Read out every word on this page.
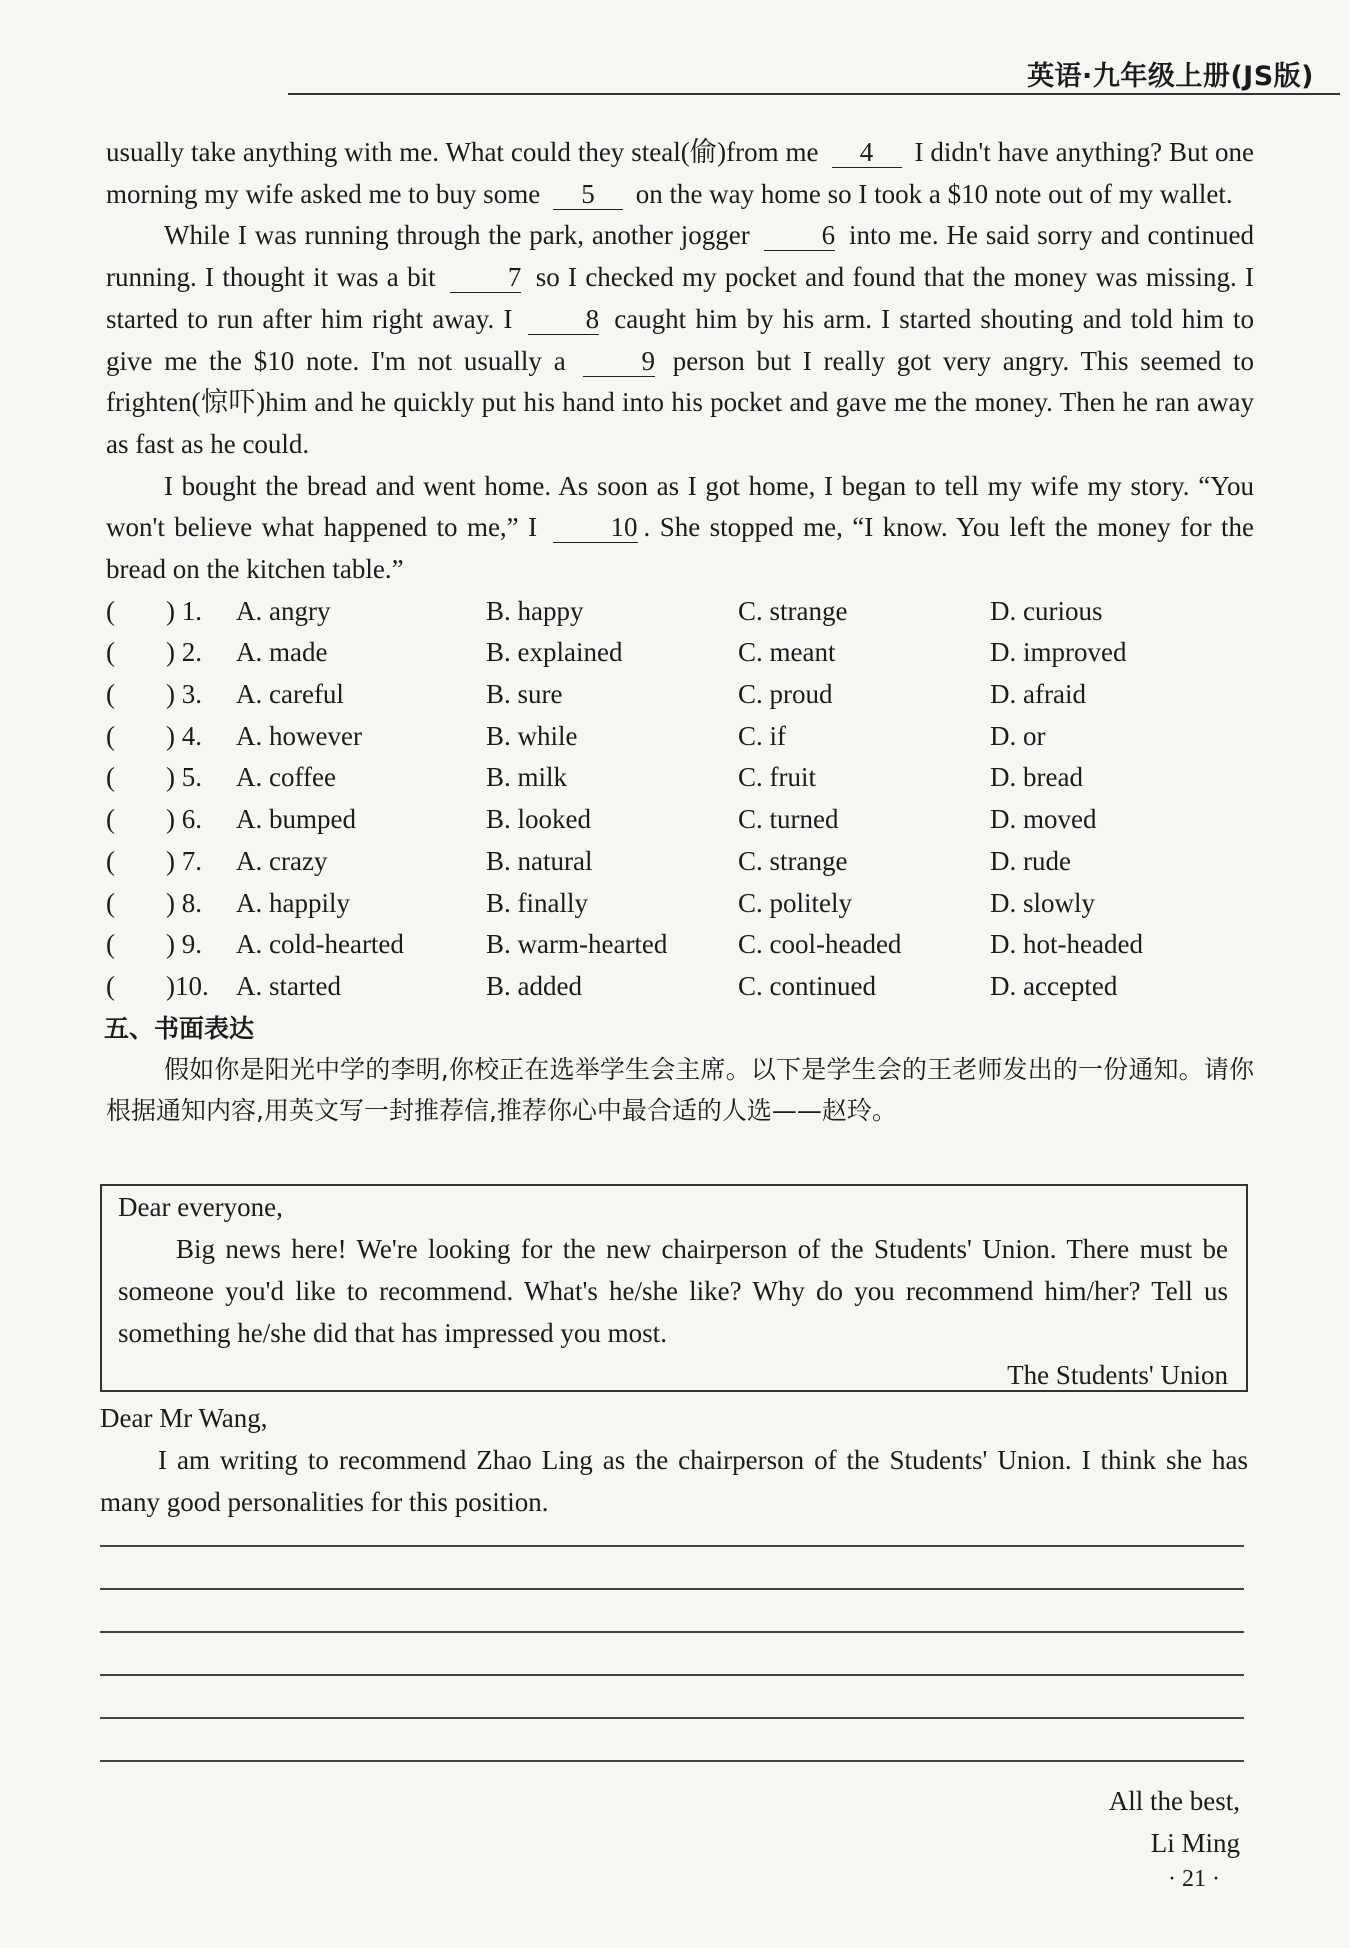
英语·九年级上册(JS版)

usually take anything with me. What could they steal(偷)from me 4 I didn't have anything? But one morning my wife asked me to buy some 5 on the way home so I took a $10 note out of my wallet.

While I was running through the park, another jogger	6 into me. He said sorry and continued running. I thought it was a bit	7 so I checked my pocket and found that the money was missing. I started to run after him right away. I	8 caught him by his arm. I started shouting and told him to give me the $10 note. I'm not usually a	9 person but I really got very angry. This seemed to frighten(惊吓)him and he quickly put his hand into his pocket and gave me the money. Then he ran away as fast as he could.

I bought the bread and went home. As soon as I got home, I began to tell my wife my story. “You won't believe what happened to me,” I	10 . She stopped me, “I know. You left the money for the bread on the kitchen table.”

( ) 1. A. angry	B. happy	C. strange	D. curious
( ) 2. A. made	B. explained	C. meant	D. improved
( ) 3. A. careful	B. sure	C. proud	D. afraid
( ) 4. A. however	B. while	C. if	D. or
( ) 5. A. coffee	B. milk	C. fruit	D. bread
( ) 6. A. bumped	B. looked	C. turned	D. moved
( ) 7. A. crazy	B. natural	C. strange	D. rude
( ) 8. A. happily	B. finally	C. politely	D. slowly
( ) 9. A. cold-hearted	B. warm-hearted	C. cool-headed	D. hot-headed
( )10. A. started	B. added	C. continued	D. accepted
五、书面表达

假如你是阳光中学的李明,你校正在选举学生会主席。以下是学生会的王老师发出的一份通知。请你根据通知内容,用英文写一封推荐信,推荐你心中最合适的人选——赵玲。

Dear everyone,
Big news here! We're looking for the new chairperson of the Students' Union. There must be someone you'd like to recommend. What's he/she like? Why do you recommend him/her? Tell us something he/she did that has impressed you most.
The Students' Union
Dear Mr Wang,
I am writing to recommend Zhao Ling as the chairperson of the Students' Union. I think she has many good personalities for this position.
All the best,
Li Ming
· 21 ·
